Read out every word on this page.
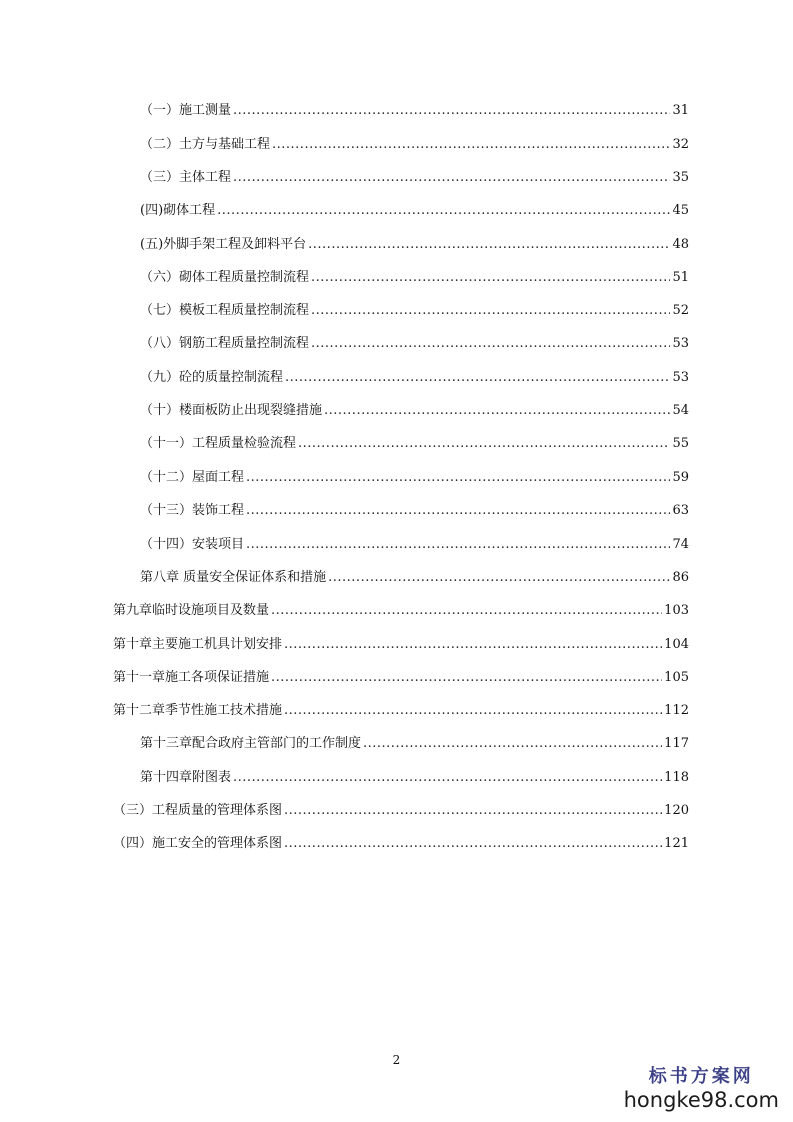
（一）施工测量 .....	31
（二）土方与基础工程 .....	32
（三）主体工程 .....	35
(四)砌体工程 .....	45
(五)外脚手架工程及卸料平台 .....	48
（六）砌体工程质量控制流程 .....	51
（七）模板工程质量控制流程 .....	52
（八）钢筋工程质量控制流程 .....	53
（九）砼的质量控制流程 .....	53
（十）楼面板防止出现裂缝措施 .....	54
（十一）工程质量检验流程 .....	55
（十二）屋面工程 .....	59
（十三）装饰工程 .....	63
（十四）安装项目 .....	74
第八章 质量安全保证体系和措施 .....	86
第九章临时设施项目及数量 .....	103
第十章主要施工机具计划安排 .....	104
第十一章施工各项保证措施 .....	105
第十二章季节性施工技术措施 .....	112
第十三章配合政府主管部门的工作制度 .....	117
第十四章附图表 .....	118
（三）工程质量的管理体系图 .....	120
（四）施工安全的管理体系图 .....	121
2
标书方案网
hongke98.com
